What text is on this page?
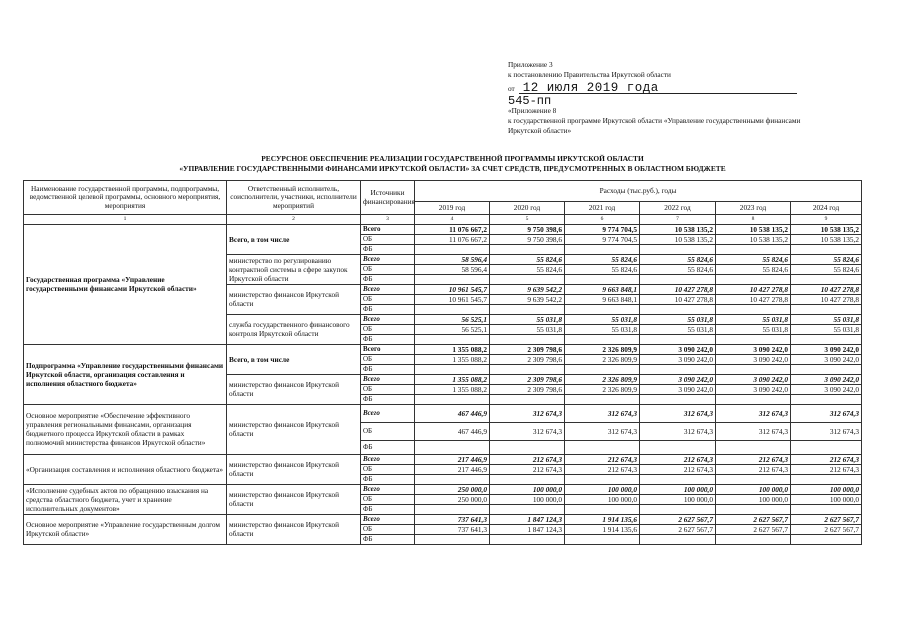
Приложение 3
к постановлению Правительства Иркутской области
от 12 июля 2019 года
545-пп
«Приложение 8
к государственной программе Иркутской области «Управление государственными финансами
Иркутской области»
РЕСУРСНОЕ ОБЕСПЕЧЕНИЕ РЕАЛИЗАЦИИ ГОСУДАРСТВЕННОЙ ПРОГРАММЫ ИРКУТСКОЙ ОБЛАСТИ
«УПРАВЛЕНИЕ ГОСУДАРСТВЕННЫМИ ФИНАНСАМИ ИРКУТСКОЙ ОБЛАСТИ» ЗА СЧЕТ СРЕДСТВ, ПРЕДУСМОТРЕННЫХ В ОБЛАСТНОМ БЮДЖЕТЕ
Наименование государственной программы, подпрограммы, ведомственной целевой программы, основного мероприятия, мероприятия	Ответственный исполнитель, соисполнители, участники, исполнители мероприятий	Источники финансирования	Расходы (тыс.руб.), годы					
			2019 год	2020 год	2021 год	2022 год	2023 год	2024 год
1	2	3	4	5	6	7	8	9
Государственная программа «Управление государственными финансами Иркутской области»	Всего, в том числе	Всего	11 076 667,2	9 750 398,6	9 774 704,5	10 538 135,2	10 538 135,2	10 538 135,2
		ОБ	11 076 667,2	9 750 398,6	9 774 704,5	10 538 135,2	10 538 135,2	10 538 135,2
		ФБ						
	министерство по регулированию контрактной системы в сфере закупок Иркутской области	Всего	58 596,4	55 824,6	55 824,6	55 824,6	55 824,6	55 824,6
		ОБ	58 596,4	55 824,6	55 824,6	55 824,6	55 824,6	55 824,6
		ФБ						
	министерство финансов Иркутской области	Всего	10 961 545,7	9 639 542,2	9 663 848,1	10 427 278,8	10 427 278,8	10 427 278,8
		ОБ	10 961 545,7	9 639 542,2	9 663 848,1	10 427 278,8	10 427 278,8	10 427 278,8
		ФБ						
	служба государственного финансового контроля Иркутской области	Всего	56 525,1	55 031,8	55 031,8	55 031,8	55 031,8	55 031,8
		ОБ	56 525,1	55 031,8	55 031,8	55 031,8	55 031,8	55 031,8
		ФБ						
Подпрограмма «Управление государственными финансами Иркутской области, организация составления и исполнения областного бюджета»	Всего, в том числе	Всего	1 355 088,2	2 309 798,6	2 326 809,9	3 090 242,0	3 090 242,0	3 090 242,0
		ОБ	1 355 088,2	2 309 798,6	2 326 809,9	3 090 242,0	3 090 242,0	3 090 242,0
		ФБ						
	министерство финансов Иркутской области	Всего	1 355 088,2	2 309 798,6	2 326 809,9	3 090 242,0	3 090 242,0	3 090 242,0
		ОБ	1 355 088,2	2 309 798,6	2 326 809,9	3 090 242,0	3 090 242,0	3 090 242,0
		ФБ						
Основное мероприятие «Обеспечение эффективного управления региональными финансами, организация бюджетного процесса Иркутской области в рамках полномочий министерства финансов Иркутской области»	министерство финансов Иркутской области	Всего	467 446,9	312 674,3	312 674,3	312 674,3	312 674,3	312 674,3
		ОБ	467 446,9	312 674,3	312 674,3	312 674,3	312 674,3	312 674,3
		ФБ						
«Организация составления и исполнения областного бюджета»	министерство финансов Иркутской области	Всего	217 446,9	212 674,3	212 674,3	212 674,3	212 674,3	212 674,3
		ОБ	217 446,9	212 674,3	212 674,3	212 674,3	212 674,3	212 674,3
		ФБ						
«Исполнение судебных актов по обращению взыскания на средства областного бюджета, учет и хранение исполнительных документов»	министерство финансов Иркутской области	Всего	250 000,0	100 000,0	100 000,0	100 000,0	100 000,0	100 000,0
		ОБ	250 000,0	100 000,0	100 000,0	100 000,0	100 000,0	100 000,0
		ФБ						
Основное мероприятие «Управление государственным долгом Иркутской области»	министерство финансов Иркутской области	Всего	737 641,3	1 847 124,3	1 914 135,6	2 627 567,7	2 627 567,7	2 627 567,7
		ОБ	737 641,3	1 847 124,3	1 914 135,6	2 627 567,7	2 627 567,7	2 627 567,7
		ФБ						
